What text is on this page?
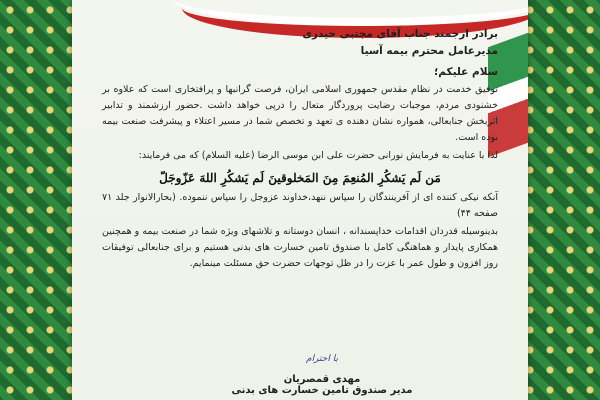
برادر ارجمند جناب آقای مجتبی حیدری
مدیرعامل محترم بیمه آسیا
سلام علیکم؛
توفیق خدمت در نظام مقدس جمهوری اسلامی ایران، فرصت گرانبها و پرافتخاری است که علاوه بر خشنودی مردم، موجبات رضایت پروردگار متعال را درپی خواهد داشت .حضور ارزشمند و تدابیر اثربخش جنابعالی، همواره نشان دهنده ی تعهد و تخصص شما در مسیر اعتلاء و پیشرفت صنعت بیمه بوده است.
لذا با عنایت به فرمایش نورانی حضرت علی ابن موسی الرضا (علیه السلام) که می فرمایند:
مَن لَم یَشکُرِ المُنعِمَ مِنَ المَخلوقینَ لَم یَشکُرِ اللهَ عَزّوجَلّ
آنکه نیکی کننده ای از آفرینندگان را سپاس ننهد،خداوند عزوجل را سپاس ننموده. (بحارالانوار جلد ۷۱ صفحه ۴۴)
بدینوسیله قدردان اقدامات خداپسندانه ، انسان دوستانه و تلاشهای ویژه شما در صنعت بیمه و همچنین همکاری پایدار و هماهنگی کامل با صندوق تامین خسارت های بدنی هستیم و برای جنابعالی توفیقات روز افزون و طول عمر با عزت را در ظل توجهات حضرت حق مسئلت مینمایم.
با احترام
مهدی قمصریان
مدیر صندوق تامین خسارت های بدنی
